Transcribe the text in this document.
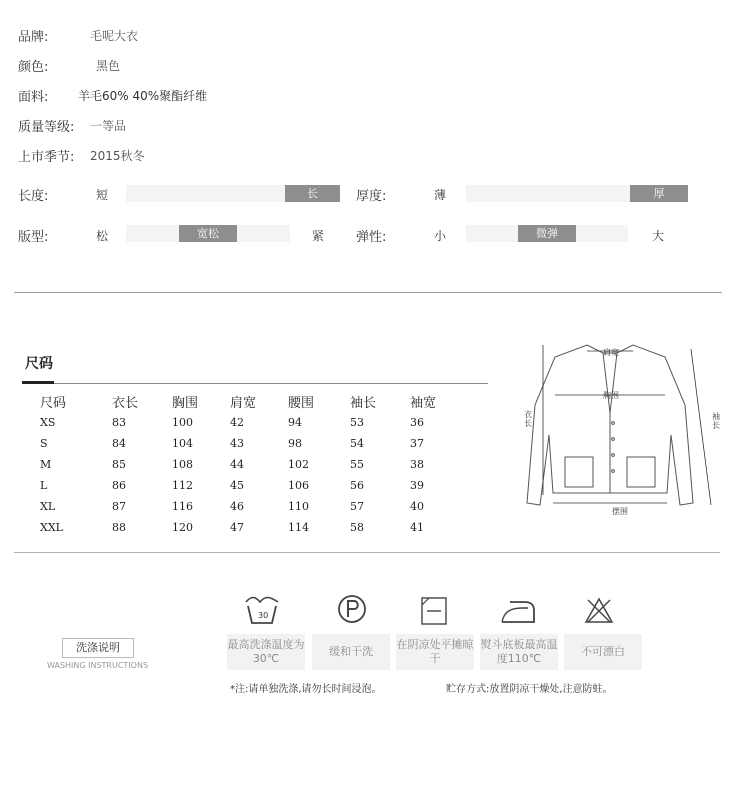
品牌:	毛呢大衣
颜色:	黑色
面料: 羊毛60% 40%聚酯纤维
质量等级: 一等品
上市季节: 2015秋冬
长度:	短	长	厚度:	薄	厚
版型:	松	宽松	紧 弹性:	小	微弹	大
尺码
尺码	衣长	胸围	肩宽	腰围	袖长	袖宽
XS	83	100	42	94	53	36
S	84	104	43	98	54	37
M	85	108	44	102	55	38
L	86	112	45	106	56	39
XL	87	116	46	110	57	40
XXL	88	120	47	114	58	41
肩宽
胸围
衣长
袖长
摆围
洗涤说明
WASHING INSTRUCTIONS
30
最高洗涤温度为30℃
缓和干洗
在阴凉处平摊晾干
熨斗底板最高温度110℃
不可漂白
*注:请单独洗涤,请勿长时间浸泡。	贮存方式:放置阴凉干燥处,注意防蛀。
